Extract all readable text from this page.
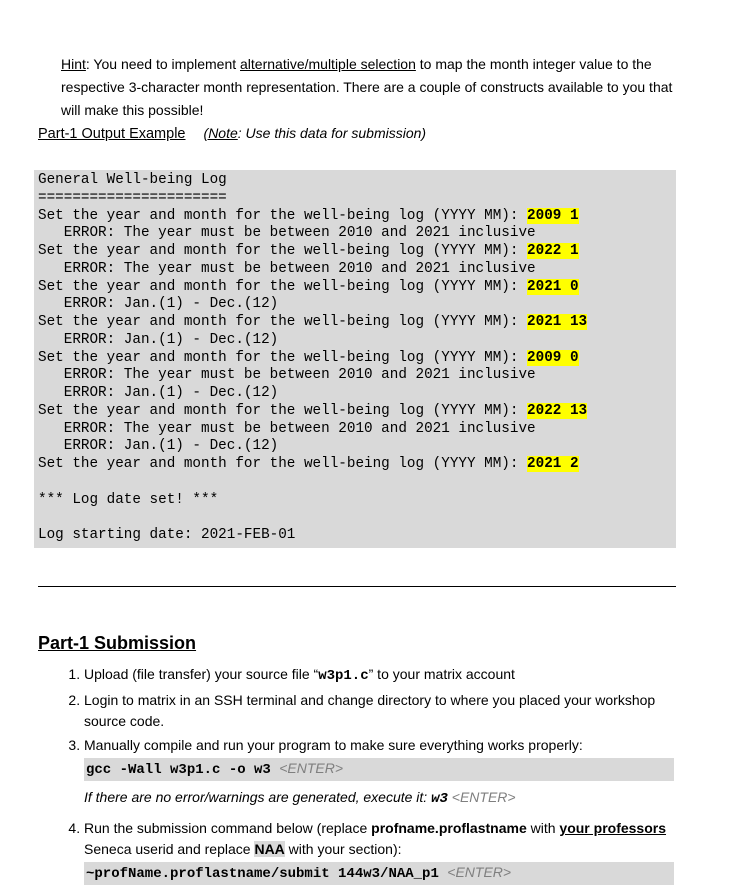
Hint: You need to implement alternative/multiple selection to map the month integer value to the respective 3-character month representation. There are a couple of constructs available to you that will make this possible!
Part-1 Output Example (Note: Use this data for submission)
General Well-being Log
======================
Set the year and month for the well-being log (YYYY MM): 2009 1
ERROR: The year must be between 2010 and 2021 inclusive
Set the year and month for the well-being log (YYYY MM): 2022 1
ERROR: The year must be between 2010 and 2021 inclusive
Set the year and month for the well-being log (YYYY MM): 2021 0
ERROR: Jan.(1) - Dec.(12)
Set the year and month for the well-being log (YYYY MM): 2021 13
ERROR: Jan.(1) - Dec.(12)
Set the year and month for the well-being log (YYYY MM): 2009 0
ERROR: The year must be between 2010 and 2021 inclusive
ERROR: Jan.(1) - Dec.(12)
Set the year and month for the well-being log (YYYY MM): 2022 13
ERROR: The year must be between 2010 and 2021 inclusive
ERROR: Jan.(1) - Dec.(12)
Set the year and month for the well-being log (YYYY MM): 2021 2

*** Log date set! ***

Log starting date: 2021-FEB-01

Part-1 Submission
1. Upload (file transfer) your source file “w3p1.c” to your matrix account
2. Login to matrix in an SSH terminal and change directory to where you placed your workshop source code.
3. Manually compile and run your program to make sure everything works properly:
gcc -Wall w3p1.c -o w3 <ENTER>
If there are no error/warnings are generated, execute it: w3 <ENTER>
4. Run the submission command below (replace profname.proflastname with your professors Seneca userid and replace NAA with your section):
~profName.proflastname/submit 144w3/NAA_p1 <ENTER>
